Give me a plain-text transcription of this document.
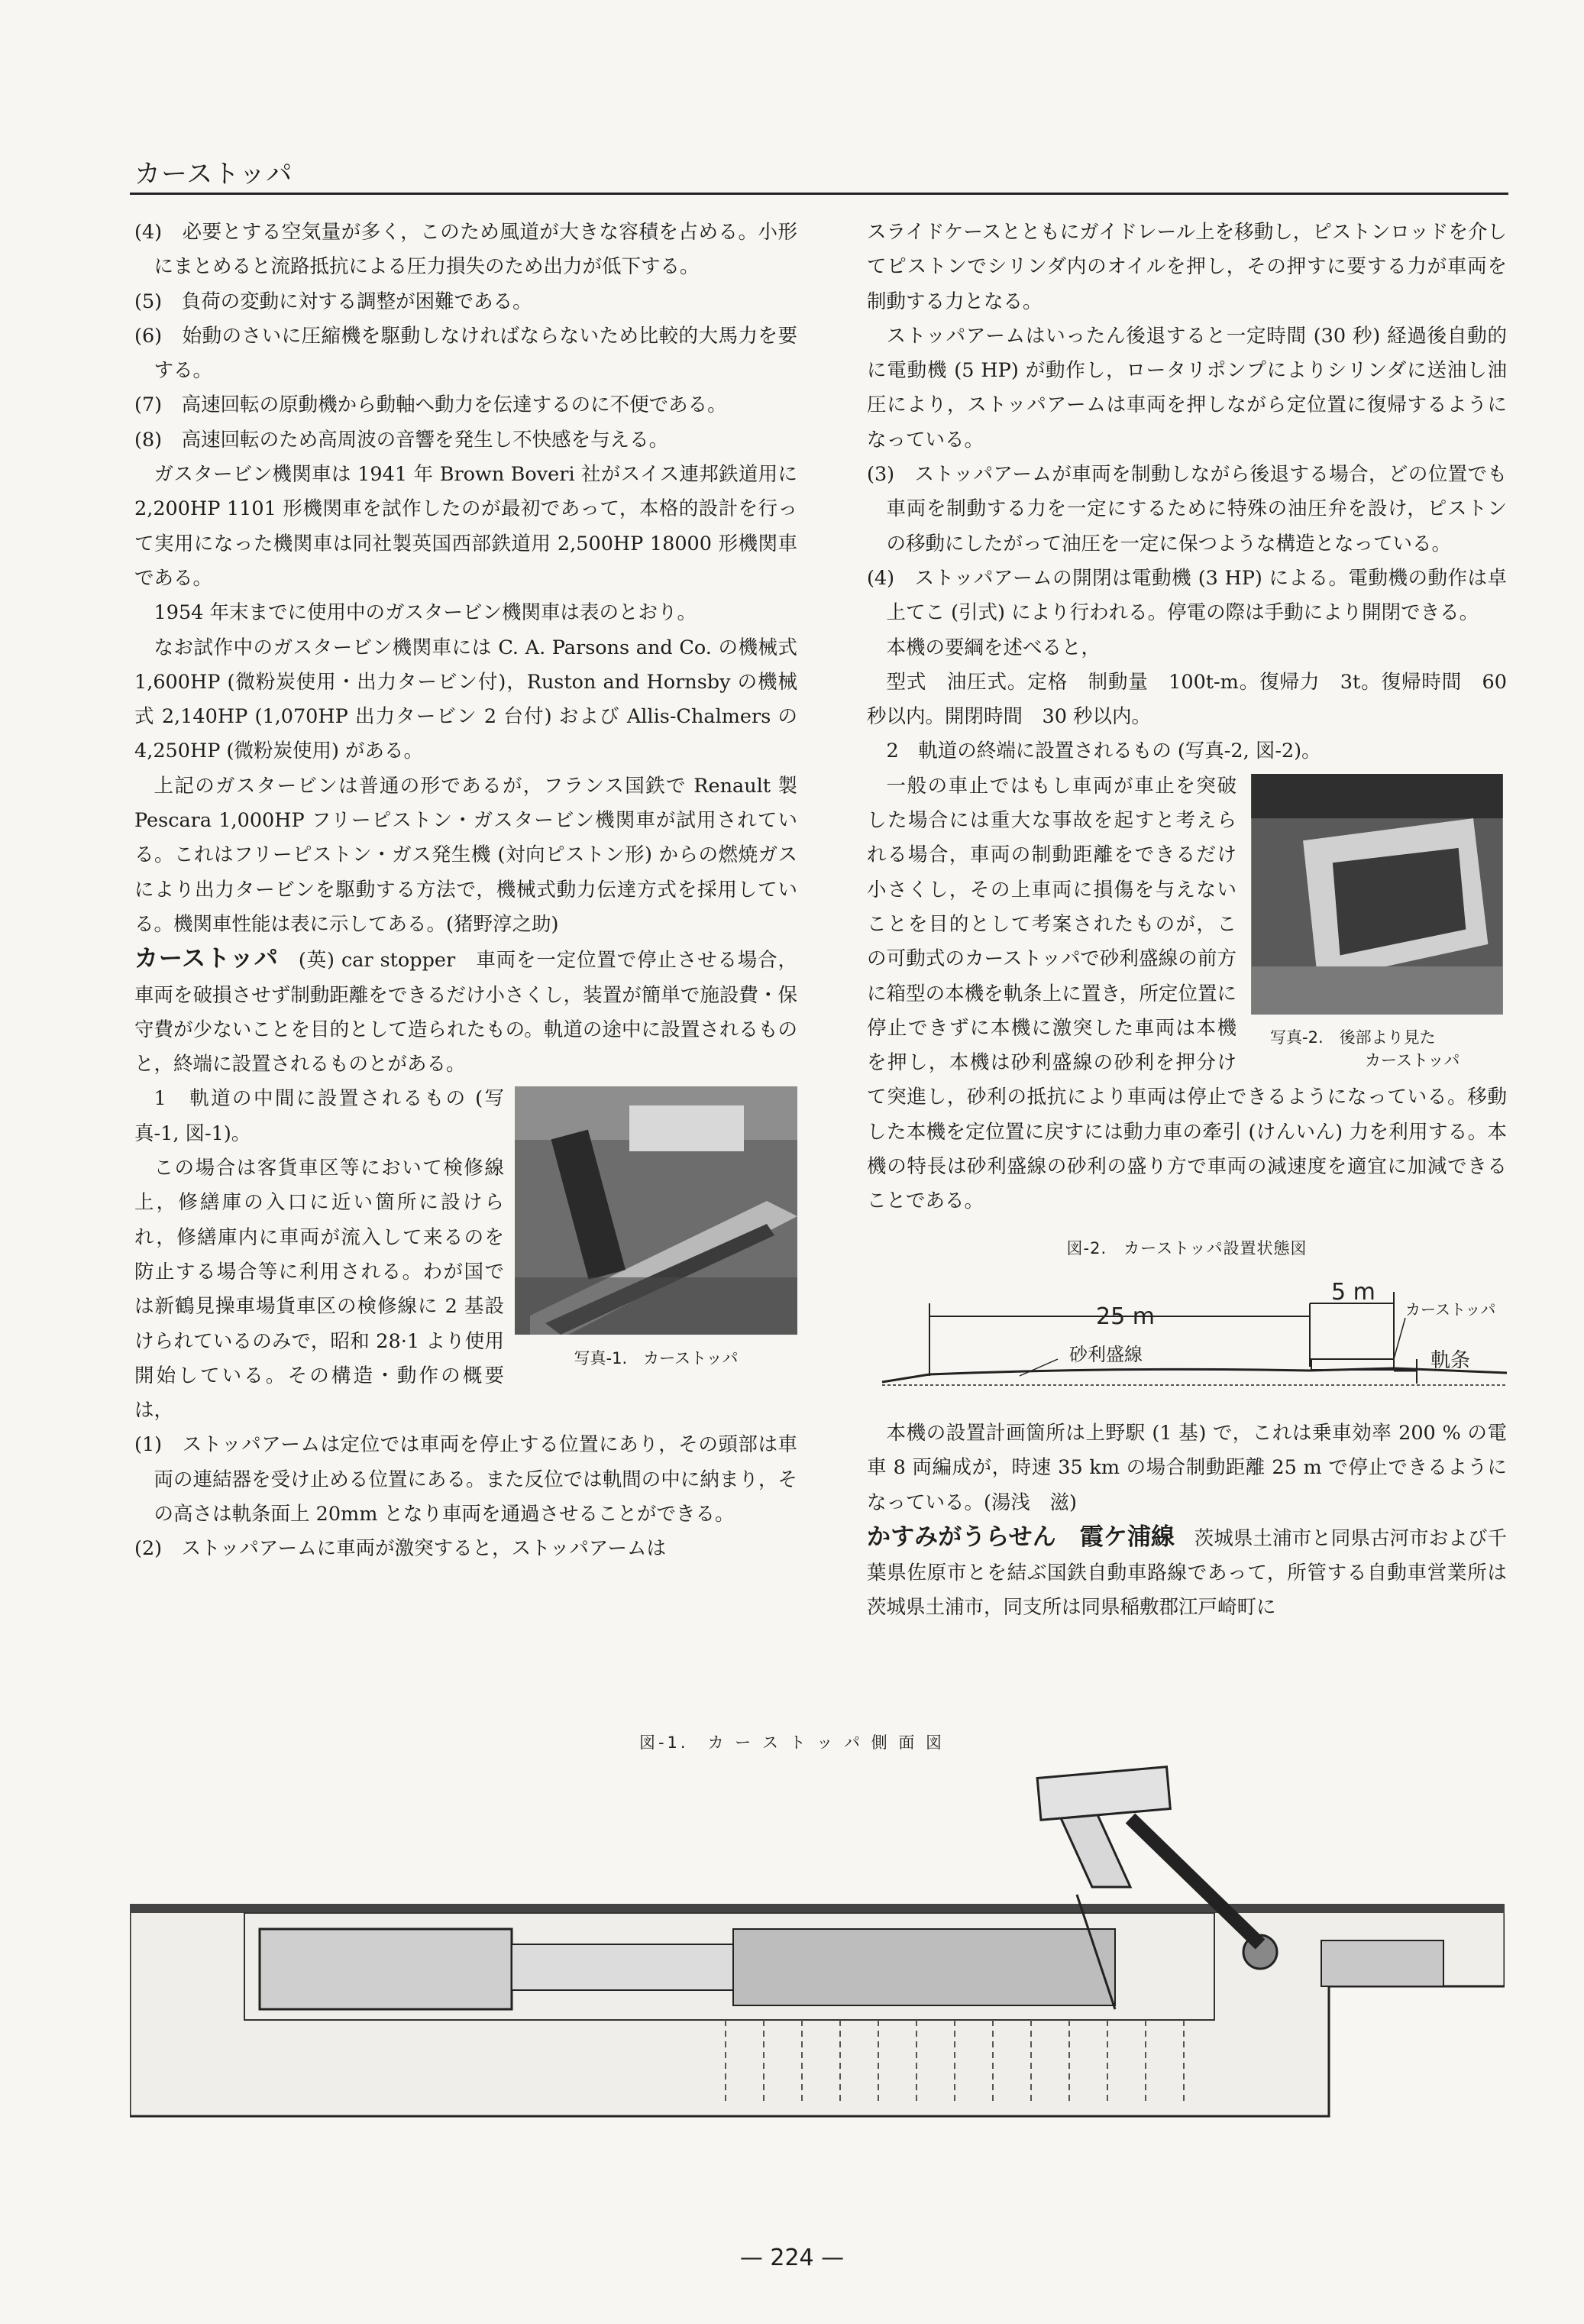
カーストッパ

(4)　必要とする空気量が多く，このため風道が大きな容積を占める。小形にまとめると流路抵抗による圧力損失のため出力が低下する。

(5)　負荷の変動に対する調整が困難である。

(6)　始動のさいに圧縮機を駆動しなければならないため比較的大馬力を要する。

(7)　高速回転の原動機から動軸へ動力を伝達するのに不便である。

(8)　高速回転のため高周波の音響を発生し不快感を与える。

ガスタービン機関車は 1941 年 Brown Boveri 社がスイス連邦鉄道用に 2,200HP 1101 形機関車を試作したのが最初であって，本格的設計を行って実用になった機関車は同社製英国西部鉄道用 2,500HP 18000 形機関車である。

1954 年末までに使用中のガスタービン機関車は表のとおり。

なお試作中のガスタービン機関車には C. A. Parsons and Co. の機械式 1,600HP (微粉炭使用・出力タービン付)，Ruston and Hornsby の機械式 2,140HP (1,070HP 出力タービン 2 台付) および Allis-Chalmers の 4,250HP (微粉炭使用) がある。

上記のガスタービンは普通の形であるが，フランス国鉄で Renault 製 Pescara 1,000HP フリーピストン・ガスタービン機関車が試用されている。これはフリーピストン・ガス発生機 (対向ピストン形) からの燃焼ガスにより出力タービンを駆動する方法で，機械式動力伝達方式を採用している。機関車性能は表に示してある。(猪野淳之助)

カーストッパ　 (英) car stopper　車両を一定位置で停止させる場合，車両を破損させず制動距離をできるだけ小さくし，装置が簡単で施設費・保守費が少ないことを目的として造られたもの。軌道の途中に設置されるものと，終端に設置されるものとがある。

写真-1.　カーストッパ

1　軌道の中間に設置されるもの (写真-1, 図-1)。

この場合は客貨車区等において検修線上，修繕庫の入口に近い箇所に設けられ，修繕庫内に車両が流入して来るのを防止する場合等に利用される。わが国では新鶴見操車場貨車区の検修線に 2 基設けられているのみで，昭和 28·1 より使用開始している。その構造・動作の概要は，

(1)　ストッパアームは定位では車両を停止する位置にあり，その頭部は車両の連結器を受け止める位置にある。また反位では軌間の中に納まり，その高さは軌条面上 20mm となり車両を通過させることができる。

(2)　ストッパアームに車両が激突すると，ストッパアームは

スライドケースとともにガイドレール上を移動し，ピストンロッドを介してピストンでシリンダ内のオイルを押し，その押すに要する力が車両を制動する力となる。

ストッパアームはいったん後退すると一定時間 (30 秒) 経過後自動的に電動機 (5 HP) が動作し，ロータリポンプによりシリンダに送油し油圧により，ストッパアームは車両を押しながら定位置に復帰するようになっている。

(3)　ストッパアームが車両を制動しながら後退する場合，どの位置でも車両を制動する力を一定にするために特殊の油圧弁を設け，ピストンの移動にしたがって油圧を一定に保つような構造となっている。

(4)　ストッパアームの開閉は電動機 (3 HP) による。電動機の動作は卓上てこ (引式) により行われる。停電の際は手動により開閉できる。

本機の要綱を述べると，

型式　油圧式。定格　制動量　100t-m。復帰力　3t。復帰時間　60 秒以内。開閉時間　30 秒以内。

2　軌道の終端に設置されるもの (写真-2, 図-2)。

写真-2.　後部より見た
カーストッパ

一般の車止ではもし車両が車止を突破した場合には重大な事故を起すと考えられる場合，車両の制動距離をできるだけ小さくし，その上車両に損傷を与えないことを目的として考案されたものが，この可動式のカーストッパで砂利盛線の前方に箱型の本機を軌条上に置き，所定位置に停止できずに本機に激突した車両は本機を押し，本機は砂利盛線の砂利を押分けて突進し，砂利の抵抗により車両は停止できるようになっている。移動した本機を定位置に戻すには動力車の牽引 (けんいん) 力を利用する。本機の特長は砂利盛線の砂利の盛り方で車両の減速度を適宜に加減できることである。

図-2.　カーストッパ設置状態図
25 m
5 m
カーストッパ
砂利盛線	軌条

本機の設置計画箇所は上野駅 (1 基) で，これは乗車効率 200 % の電車 8 両編成が，時速 35 km の場合制動距離 25 m で停止できるようになっている。(湯浅　滋)

かすみがうらせん　霞ケ浦線　 茨城県土浦市と同県古河市および千葉県佐原市とを結ぶ国鉄自動車路線であって，所管する自動車営業所は茨城県土浦市，同支所は同県稲敷郡江戸崎町に

図-1.　カ ー ス ト ッ パ 側 面 図
— 224 —
